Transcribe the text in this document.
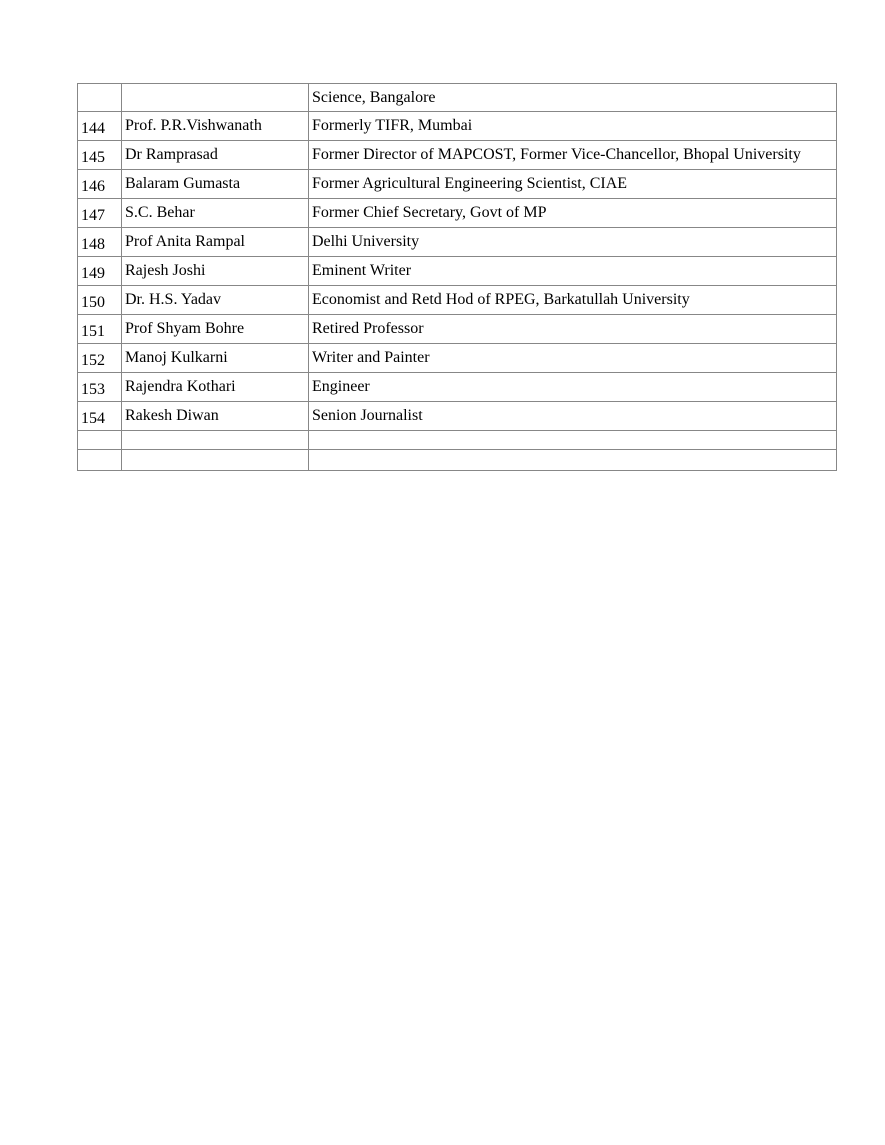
		Science, Bangalore
144	Prof. P.R.Vishwanath	Formerly TIFR, Mumbai
145	Dr Ramprasad	Former Director of MAPCOST, Former Vice-Chancellor, Bhopal University
146	Balaram Gumasta	Former Agricultural Engineering Scientist, CIAE
147	S.C. Behar	Former Chief Secretary, Govt of MP
148	Prof Anita Rampal	Delhi University
149	Rajesh Joshi	Eminent Writer
150	Dr. H.S. Yadav	Economist and Retd Hod of RPEG, Barkatullah University
151	Prof Shyam Bohre	Retired Professor
152	Manoj Kulkarni	Writer and Painter
153	Rajendra Kothari	Engineer
154	Rakesh Diwan	Senion Journalist
